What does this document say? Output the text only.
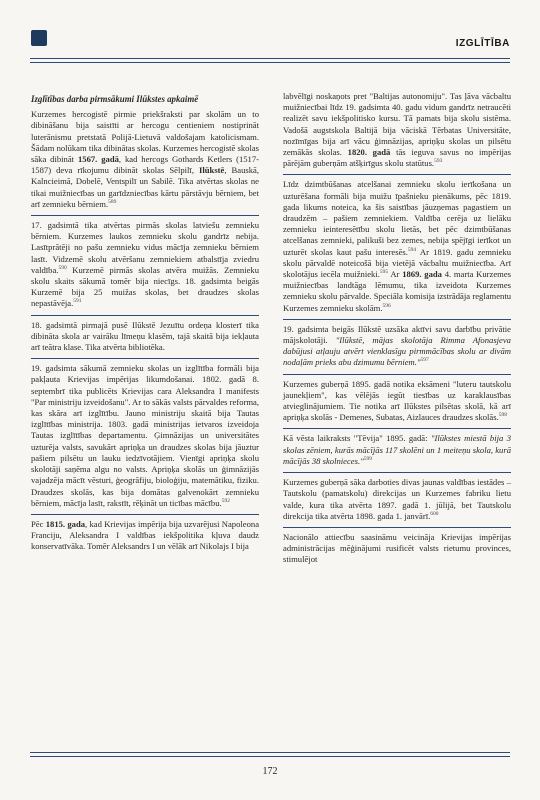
IZGLĪTĪBA
Izglītības darba pirmsākumi Ilūkstes apkaimē

Kurzemes hercogistē pirmie priekšraksti par skolām un to dibināšanu bija saistīti ar hercogu centieniem nostiprināt luterānismu pretstatā Polijā-Lietuvā valdošajam katolicismam. Šādam nolūkam tika dibinātas skolas. Kurzemes hercogistē skolas sāka dibināt 1567. gadā, kad hercogs Gothards Ketlers (1517-1587) deva rīkojumu dibināt skolas Sēlpilī, Ilūkstē, Bauskā, Kalncieimā, Dobelē, Ventspilī un Sabilē. Tika atvērtas skolas ne tikai muižniecības un garīdzniecības kārtu pārstāvju bērniem, bet arī zemnieku bērniem.$^{589}$

17. gadsimtā tika atvērtas pirmās skolas latviešu zemnieku bērniem. Kurzemes laukos zemnieku skolu gandrīz nebija. Lasītprātēji no pašu zemnieku vidus mācīja zemnieku bērniem lasīt. Vidzemē skolu atvēršanu zemniekiem atbalstīja zviedru valdība.$^{590}$ Kurzemē pirmās skolas atvēra muižās. Zemnieku skolu skaits sākumā tomēr bija niecīgs. 18. gadsimta beigās Kurzemē bija 25 muižas skolas, bet draudzes skolas nepastāvēja.$^{591}$

18. gadsimtā pirmajā pusē Ilūkstē Jezuītu ordeņa klosterī tika dibināta skola ar vairāku līmeņu klasēm, tajā skaitā bija iekļauta arī teātra klase. Tika atvērta bibliotēka.

19. gadsimta sākumā zemnieku skolas un izglītība formāli bija pakļauta Krievijas impērijas likumdošanai. 1802. gadā 8. septembrī tika publicēts Krievijas cara Aleksandra I manifests "Par ministriju izveidošanu". Ar to sākās valsts pārvaldes reforma, kas skāra arī izglītību. Jauno ministriju skaitā bija Tautas izglītības ministrija. 1803. gadā ministrijas ietvaros izveidoja Tautas izglītības departamentu. Ģimnāzijas un universitātes uzturēja valsts, savukārt apriņķa un draudzes skolas bija jāuztur pašiem pilsētu un lauku iedzīvotājiem. Vienīgi apriņķa skolu skolotāji saņēma algu no valsts. Apriņķa skolās un ģimnāzijās vajadzēja mācīt vēsturi, ģeogrāfiju, bioloģiju, matemātiku, fiziku. Draudzes skolās, kas bija domātas galvenokārt zemnieku bērniem, mācīja lasīt, rakstīt, rēķināt un ticības mācību.$^{592}$

Pēc 1815. gada, kad Krievijas impērija bija uzvarējusi Napoleona Franciju, Aleksandra I valdības iekšpolitika kļuva daudz konservatīvāka. Tomēr Aleksandrs I un vēlāk arī Nikolajs I bija

labvēlīgi noskaņots pret "Baltijas autonomiju". Tas ļāva vācbaltu muižniecībai līdz 19. gadsimta 40. gadu vidum gandrīz netraucēti realizēt savu iekšpolitisko kursu. Tā pamats bija skolu sistēma. Vadošā augstskola Baltijā bija vāciskā Tērbatas Universitāte, nozīmīgas bija arī vācu ģimnāzijas, apriņķu skolas un pilsētu zemākās skolas. 1820. gadā tās ieguva savus no impērijas pārējām guberņām atšķirīgus skolu statūtus.$^{593}$

Līdz dzimtbūšanas atcelšanai zemnieku skolu ierīkošana un uzturēšana formāli bija muižu īpašnieku pienākums, pēc 1819. gada likums noteica, ka šis saistības jāuzņemas pagastiem un draudzēm – pašiem zemniekiem. Valdība cerēja uz lielāku zemnieku ieinteresētību skolu lietās, bet pēc dzimtbūšanas atcelšanas zemnieki, palikuši bez zemes, nebija spējīgi ierīkot un uzturēt skolas kaut pašu interesēs.$^{594}$ Ar 1819. gadu zemnieku skolu pārvaldē noteicošā bija vietējā vācbaltu muižniecība. Arī skolotājus iecēla muižnieki.$^{595}$ Ar 1869. gada 4. marta Kurzemes muižniecības landtāga lēmumu, tika izveidota Kurzemes zemnieku skolu pārvalde. Speciāla komisija izstrādāja reglamentu Kurzemes zemnieku skolām.$^{596}$

19. gadsimta beigās Ilūkstē uzsāka aktīvi savu darbību privātie mājskolotāji. "Ilūkstē, mājas skolotāja Rimma Afonasjeva dabūjusi atļauju atvērt vienklasīgu pirmmācības skolu ar divām nodaļām prieks abu dzimumu bērniem."$^{597}$

Kurzemes guberņā 1895. gadā notika eksāmeni "luteru tautskolu jaunekļiem", kas vēlējās iegūt tiesības uz karaklausības atvieglinājumiem. Tie notika arī Ilūkstes pilsētas skolā, kā arī apriņķa skolās - Demenes, Subatas, Aizlauces draudzes skolās.$^{598}$

Kā vēsta laikraksts "Tēvija" 1895. gadā: "Ilūkstes miestā bija 3 skolas zēniem, kurās mācījās 117 skolēni un 1 meiteņu skola, kurā mācījās 38 skolnieces."$^{599}$

Kurzemes guberņā sāka darboties divas jaunas valdības iestādes – Tautskolu (pamatskolu) direkcijas un Kurzemes fabriku lietu valde, kura tika atvērta 1897. gadā 1. jūlijā, bet Tautskolu direkcija tika atvērta 1898. gada 1. janvārī.$^{600}$

Nacionālo attiecību saasināmu veicināja Krievijas impērijas administrācijas mēģinājumi rusificēt valsts rietumu provinces, stimulējot

172
